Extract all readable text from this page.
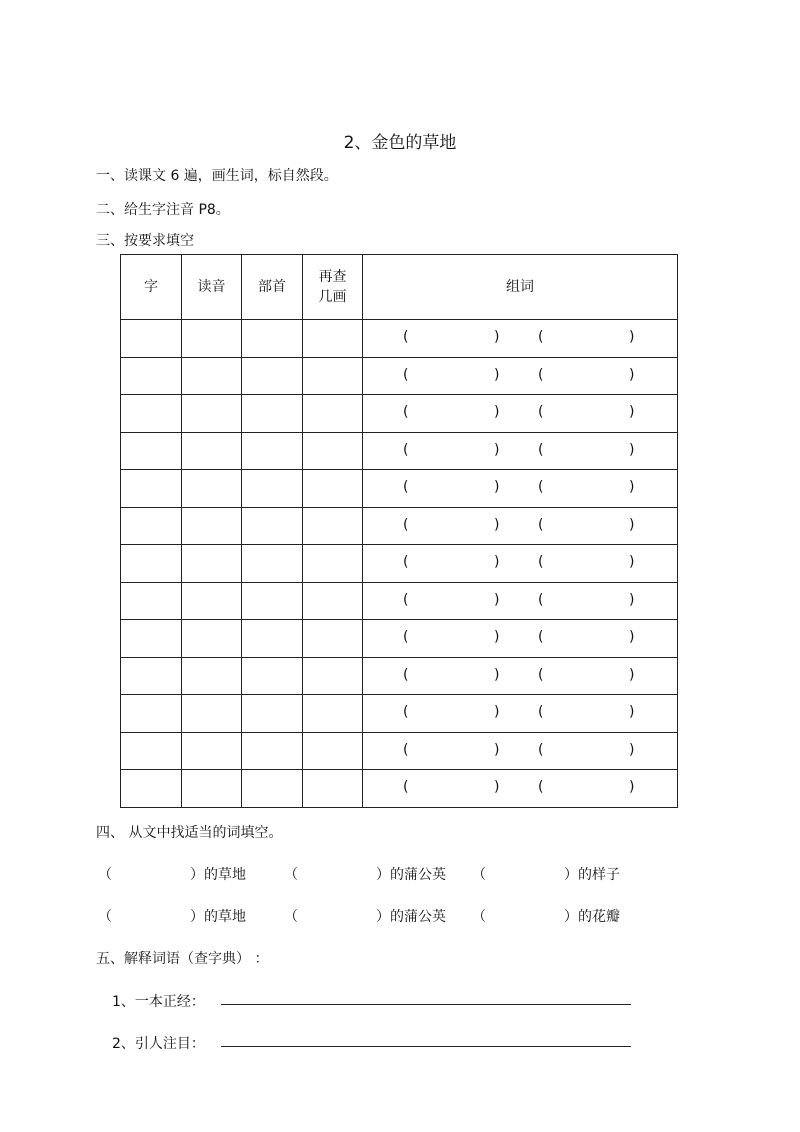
2、金色的草地
一、读课文 6 遍，画生词，标自然段。
二、给生字注音 P8。
三、按要求填空
字	读音	部首	再查
几画	组词

				( ) ( )

				( ) ( )

				( ) ( )

				( ) ( )

				( ) ( )

				( ) ( )

				( ) ( )

				( ) ( )

				( ) ( )

				( ) ( )

				( ) ( )

				( ) ( )

				( ) ( )
四、 从文中找适当的词填空。
（	）的草地	（	）的蒲公英 （	）的样子
（	）的草地	（	）的蒲公英 （	）的花瓣
五、解释词语（查字典） ：
1、一本正经：
2、引人注目：
